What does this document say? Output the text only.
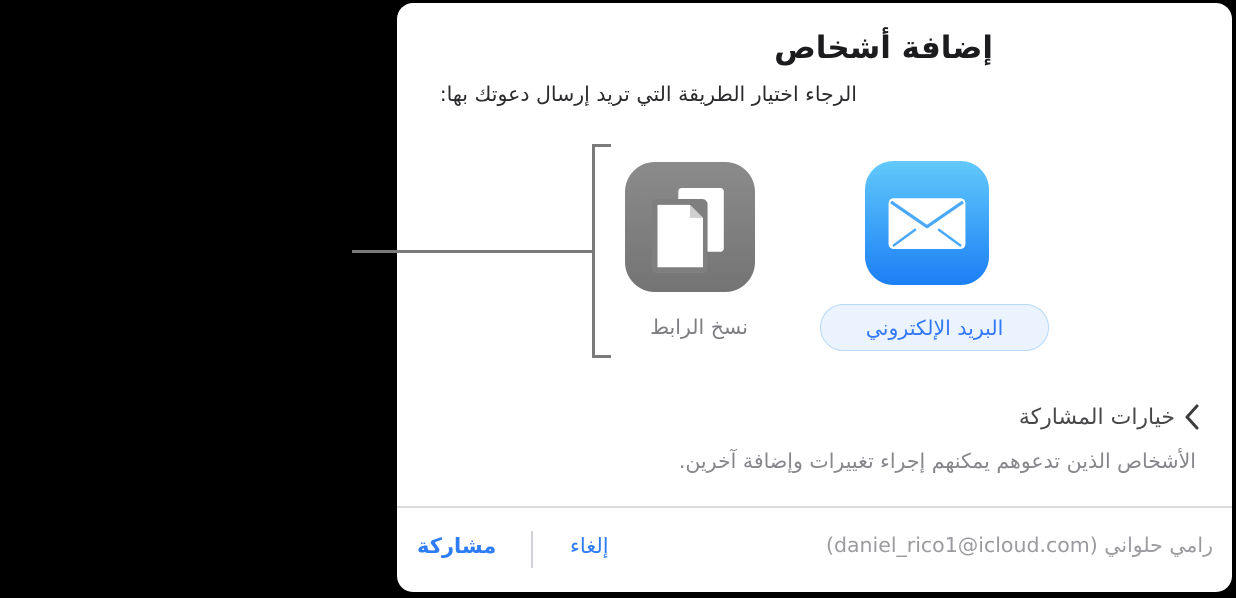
إضافة أشخاص
الرجاء اختيار الطريقة التي تريد إرسال دعوتك بها:
البريد الإلكتروني
نسخ الرابط
خيارات المشاركة
الأشخاص الذين تدعوهم يمكنهم إجراء تغييرات وإضافة آخرين.
رامي حلواني (daniel_rico1@icloud.com)
إلغاء
مشاركة
